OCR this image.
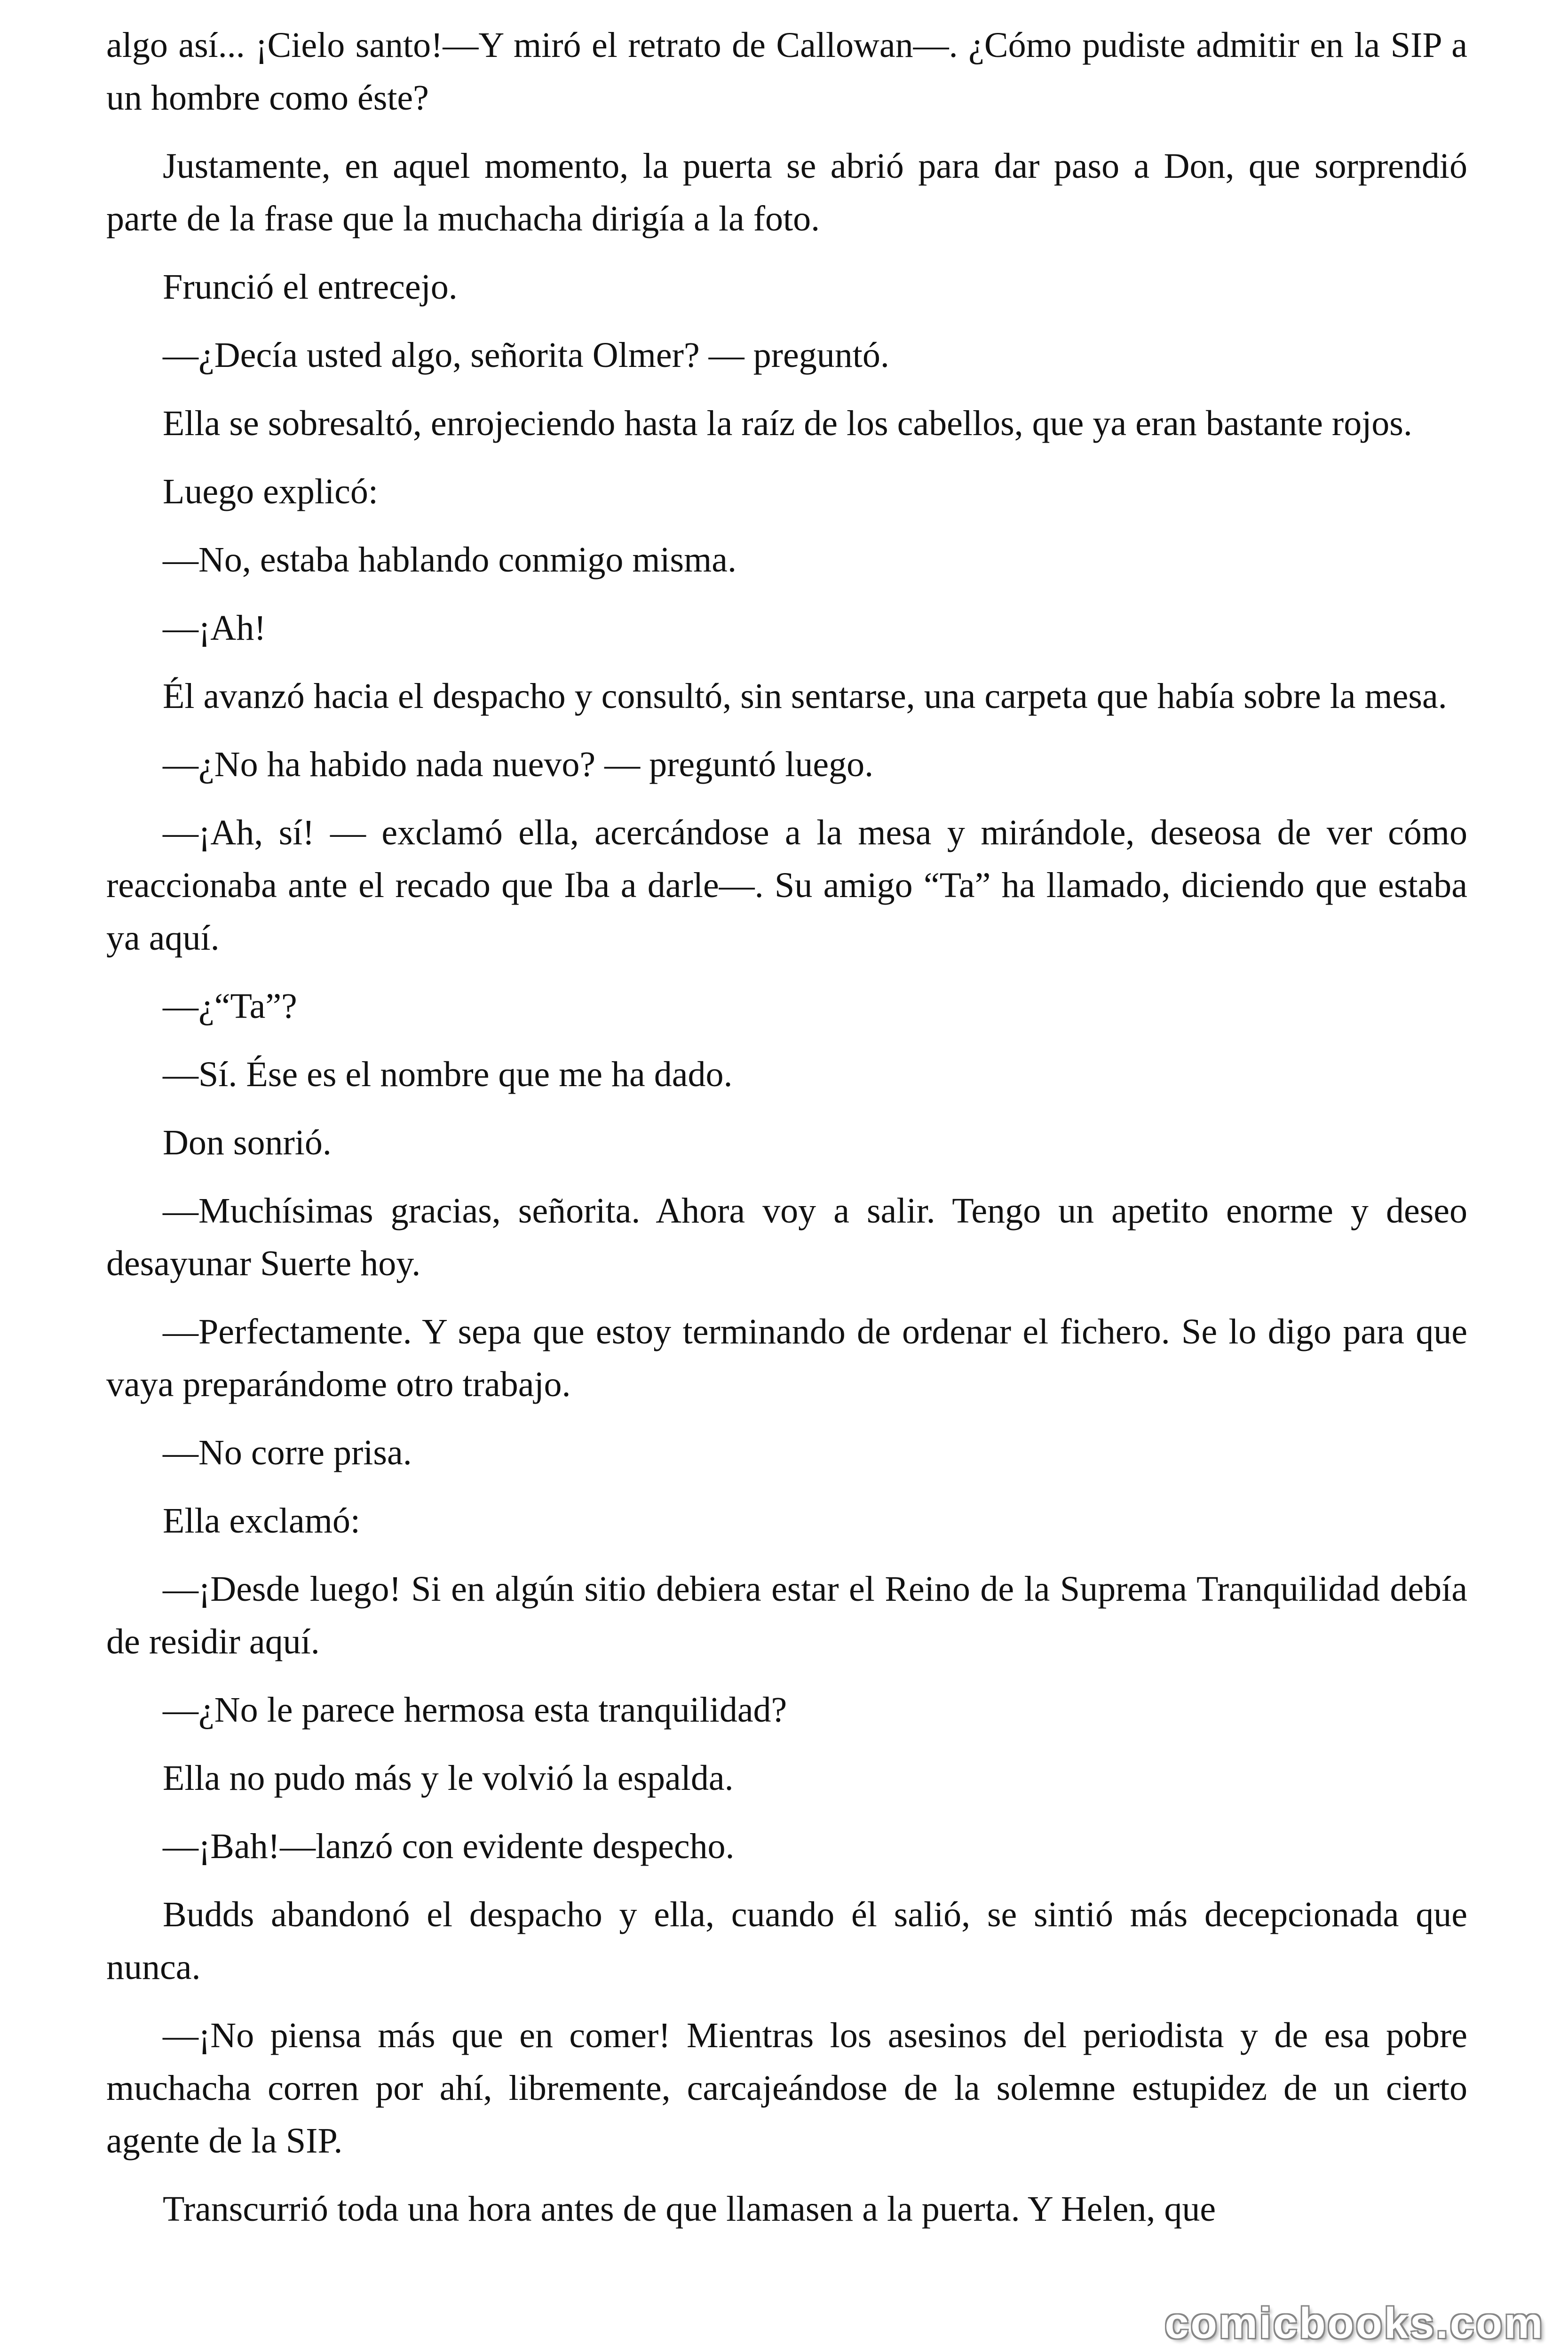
algo así... ¡Cielo santo!—Y miró el retrato de Callowan—. ¿Cómo pudiste admitir en la SIP a un hombre como éste?

Justamente, en aquel momento, la puerta se abrió para dar paso a Don, que sorprendió parte de la frase que la muchacha dirigía a la foto.

Frunció el entrecejo.

—¿Decía usted algo, señorita Olmer? — preguntó.

Ella se sobresaltó, enrojeciendo hasta la raíz de los cabellos, que ya eran bastante rojos.

Luego explicó:

—No, estaba hablando conmigo misma.

—¡Ah!

Él avanzó hacia el despacho y consultó, sin sentarse, una carpeta que había sobre la mesa.

—¿No ha habido nada nuevo? — preguntó luego.

—¡Ah, sí! — exclamó ella, acercándose a la mesa y mirándole, deseosa de ver cómo reaccionaba ante el recado que Iba a darle—. Su amigo “Ta” ha llamado, diciendo que estaba ya aquí.

—¿“Ta”?

—Sí. Ése es el nombre que me ha dado.

Don sonrió.

—Muchísimas gracias, señorita. Ahora voy a salir. Tengo un apetito enorme y deseo desayunar Suerte hoy.

—Perfectamente. Y sepa que estoy terminando de ordenar el fichero. Se lo digo para que vaya preparándome otro trabajo.

—No corre prisa.

Ella exclamó:

—¡Desde luego! Si en algún sitio debiera estar el Reino de la Suprema Tranquilidad debía de residir aquí.

—¿No le parece hermosa esta tranquilidad?

Ella no pudo más y le volvió la espalda.

—¡Bah!—lanzó con evidente despecho.

Budds abandonó el despacho y ella, cuando él salió, se sintió más decepcionada que nunca.

—¡No piensa más que en comer! Mientras los asesinos del periodista y de esa pobre muchacha corren por ahí, libremente, carcajeándose de la solemne estupidez de un cierto agente de la SIP.

Transcurrió toda una hora antes de que llamasen a la puerta. Y Helen, que

comicbooks.com
